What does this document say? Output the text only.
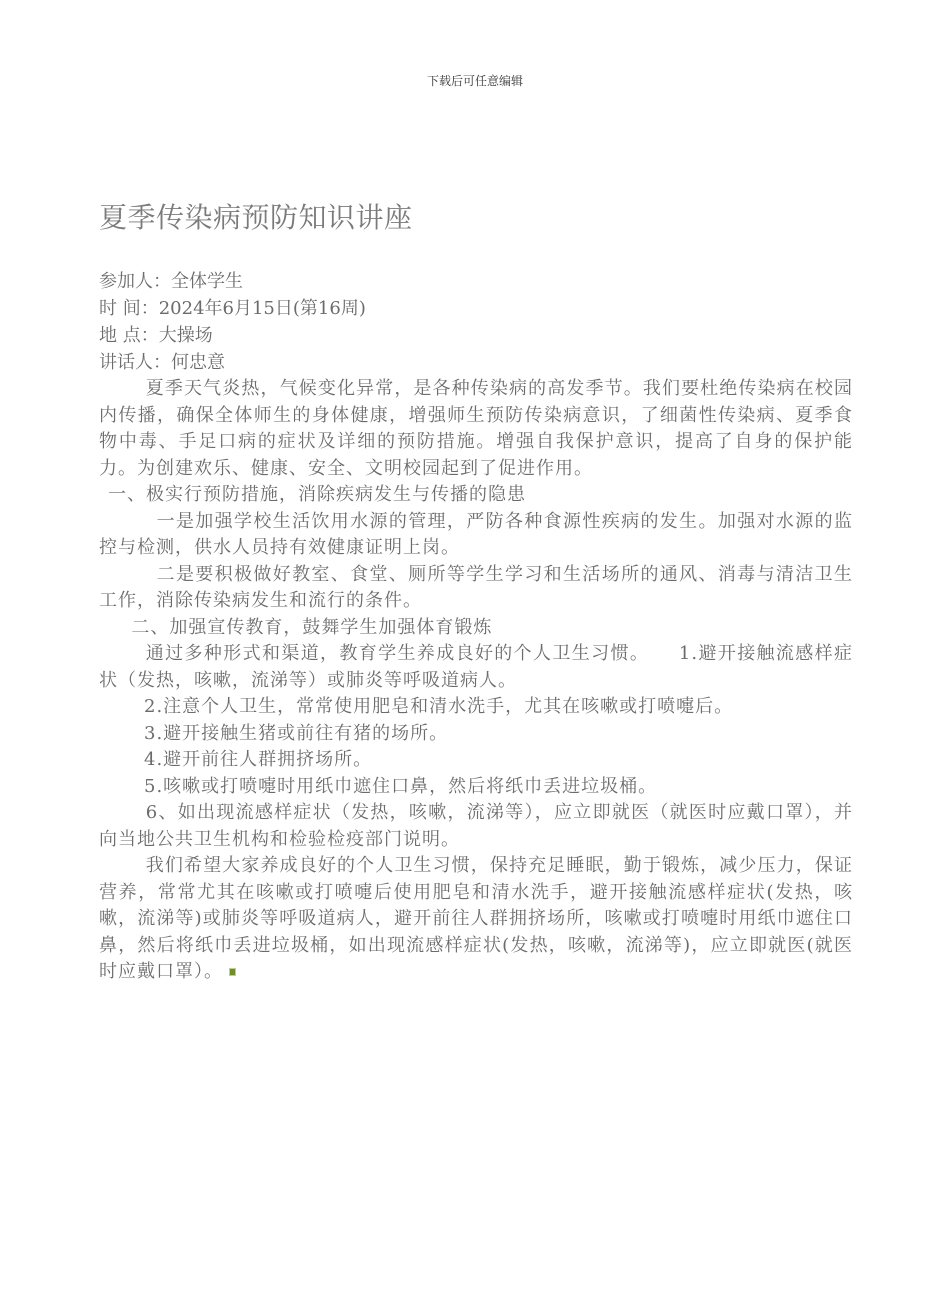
下载后可任意编辑
夏季传染病预防知识讲座
参加人：全体学生
时 间：2024年6月15日(第16周)
地 点：大操场
讲话人：何忠意

夏季天气炎热，气候变化异常，是各种传染病的高发季节。我们要杜绝传染病在校园内传播，确保全体师生的身体健康，增强师生预防传染病意识，了细菌性传染病、夏季食物中毒、手足口病的症状及详细的预防措施。增强自我保护意识，提高了自身的保护能力。为创建欢乐、健康、安全、文明校园起到了促进作用。

一、极实行预防措施，消除疾病发生与传播的隐患

一是加强学校生活饮用水源的管理，严防各种食源性疾病的发生。加强对水源的监控与检测，供水人员持有效健康证明上岗。

二是要积极做好教室、食堂、厕所等学生学习和生活场所的通风、消毒与清洁卫生工作，消除传染病发生和流行的条件。

二、加强宣传教育，鼓舞学生加强体育锻炼

通过多种形式和渠道，教育学生养成良好的个人卫生习惯。　　1.避开接触流感样症状（发热，咳嗽，流涕等）或肺炎等呼吸道病人。

2.注意个人卫生，常常使用肥皂和清水洗手，尤其在咳嗽或打喷嚏后。

3.避开接触生猪或前往有猪的场所。

4.避开前往人群拥挤场所。

5.咳嗽或打喷嚏时用纸巾遮住口鼻，然后将纸巾丢进垃圾桶。

6、如出现流感样症状（发热，咳嗽，流涕等），应立即就医（就医时应戴口罩），并向当地公共卫生机构和检验检疫部门说明。

我们希望大家养成良好的个人卫生习惯，保持充足睡眠，勤于锻炼，减少压力，保证营养，常常尤其在咳嗽或打喷嚏后使用肥皂和清水洗手，避开接触流感样症状(发热，咳嗽，流涕等)或肺炎等呼吸道病人，避开前往人群拥挤场所，咳嗽或打喷嚏时用纸巾遮住口鼻，然后将纸巾丢进垃圾桶，如出现流感样症状(发热，咳嗽，流涕等)，应立即就医(就医时应戴口罩）。
